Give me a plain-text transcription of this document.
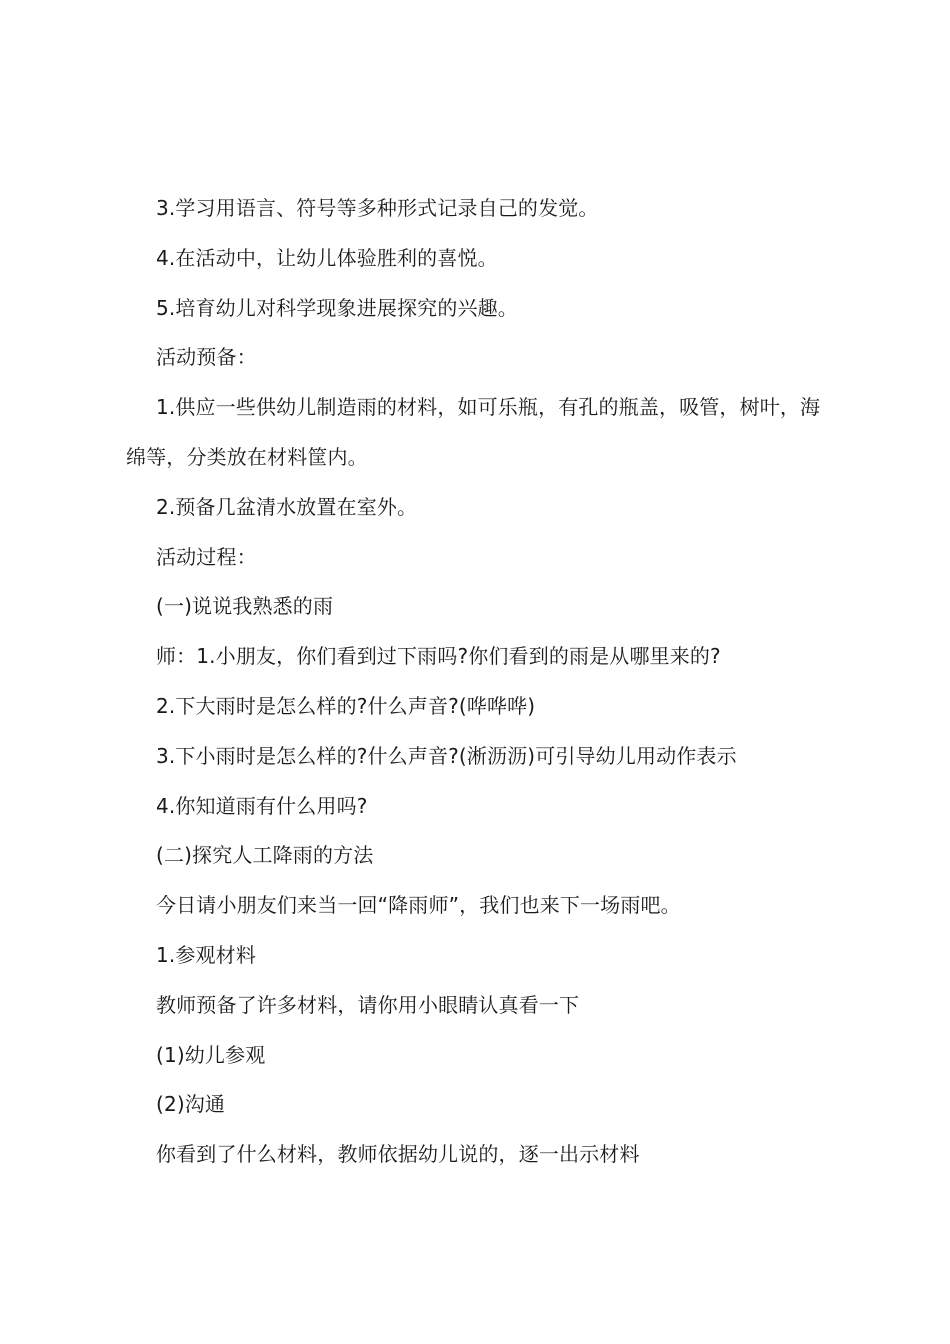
3.学习用语言、符号等多种形式记录自己的发觉。

4.在活动中，让幼儿体验胜利的喜悦。

5.培育幼儿对科学现象进展探究的兴趣。

活动预备：

1.供应一些供幼儿制造雨的材料，如可乐瓶，有孔的瓶盖，吸管，树叶，海绵等，分类放在材料筐内。

2.预备几盆清水放置在室外。

活动过程：

(一)说说我熟悉的雨

师：1.小朋友，你们看到过下雨吗?你们看到的雨是从哪里来的?

2.下大雨时是怎么样的?什么声音?(哗哗哗)

3.下小雨时是怎么样的?什么声音?(淅沥沥)可引导幼儿用动作表示

4.你知道雨有什么用吗?

(二)探究人工降雨的方法

今日请小朋友们来当一回“降雨师”，我们也来下一场雨吧。

1.参观材料

教师预备了许多材料，请你用小眼睛认真看一下

(1)幼儿参观

(2)沟通

你看到了什么材料，教师依据幼儿说的，逐一出示材料
